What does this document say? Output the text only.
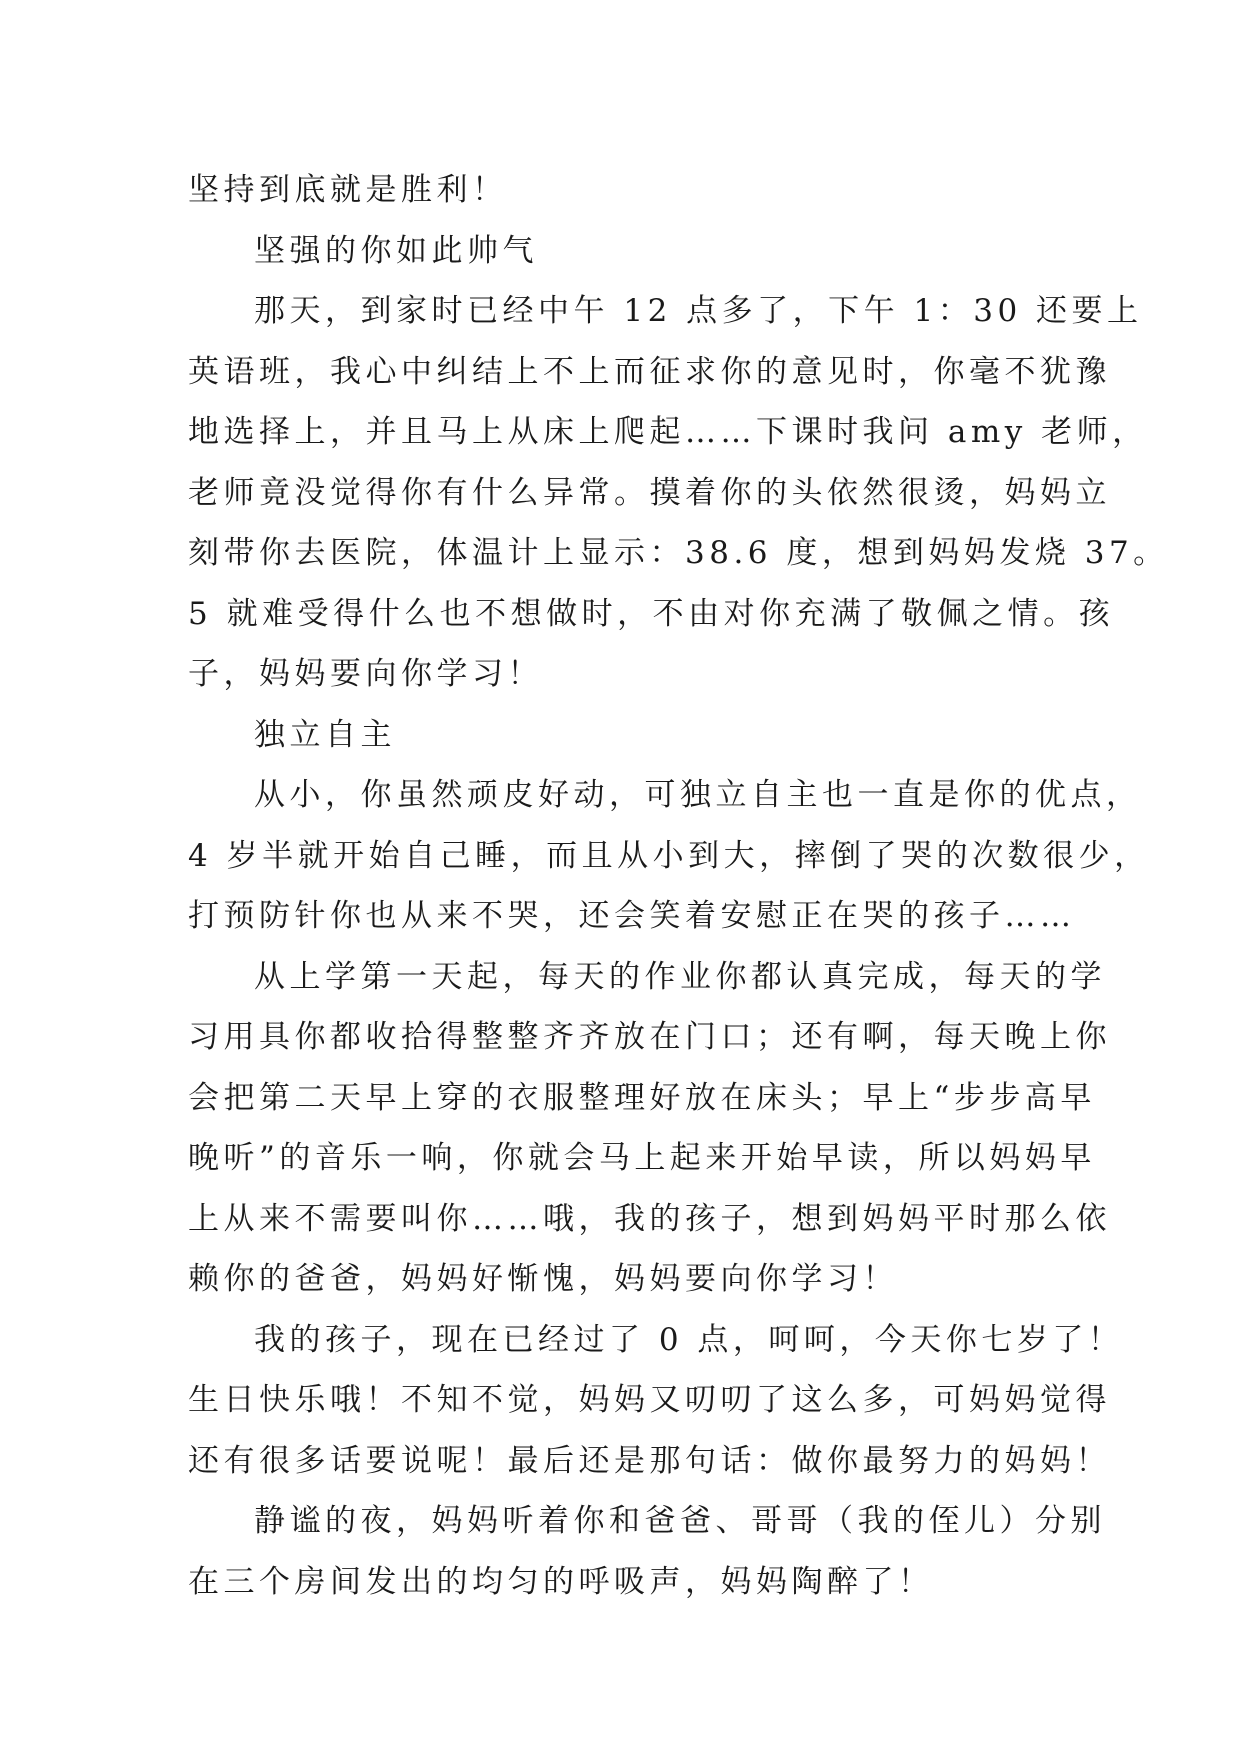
坚持到底就是胜利！
坚强的你如此帅气
那天，到家时已经中午 12 点多了，下午 1：30 还要上
英语班，我心中纠结上不上而征求你的意见时，你毫不犹豫
地选择上，并且马上从床上爬起……下课时我问 amy 老师，
老师竟没觉得你有什么异常。摸着你的头依然很烫，妈妈立
刻带你去医院，体温计上显示：38.6 度，想到妈妈发烧 37。
5 就难受得什么也不想做时，不由对你充满了敬佩之情。孩
子，妈妈要向你学习！
独立自主
从小，你虽然顽皮好动，可独立自主也一直是你的优点，
4 岁半就开始自己睡，而且从小到大，摔倒了哭的次数很少，
打预防针你也从来不哭，还会笑着安慰正在哭的孩子……
从上学第一天起，每天的作业你都认真完成，每天的学
习用具你都收拾得整整齐齐放在门口；还有啊，每天晚上你
会把第二天早上穿的衣服整理好放在床头；早上“步步高早
晚听”的音乐一响，你就会马上起来开始早读，所以妈妈早
上从来不需要叫你……哦，我的孩子，想到妈妈平时那么依
赖你的爸爸，妈妈好惭愧，妈妈要向你学习！
我的孩子，现在已经过了 0 点，呵呵，今天你七岁了！
生日快乐哦！不知不觉，妈妈又叨叨了这么多，可妈妈觉得
还有很多话要说呢！最后还是那句话：做你最努力的妈妈！
静谧的夜，妈妈听着你和爸爸、哥哥（我的侄儿）分别
在三个房间发出的均匀的呼吸声，妈妈陶醉了！
